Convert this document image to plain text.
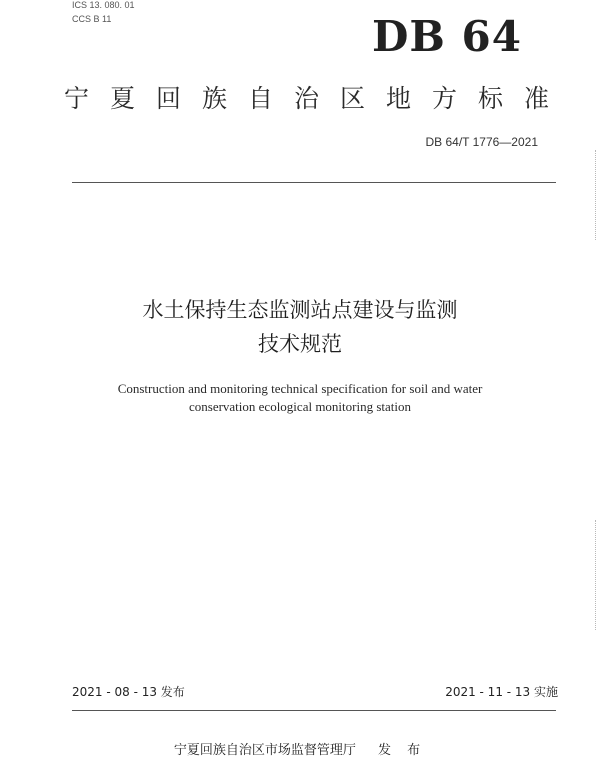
ICS 13. 080. 01
CCS B 11	DB 64
宁夏回族自治区地方标准
DB 64/T 1776—2021
水土保持生态监测站点建设与监测
技术规范
Construction and monitoring technical specification for soil and water
conservation ecological monitoring station
2021 - 08 - 13 发布	2021 - 11 - 13 实施
宁夏回族自治区市场监督管理厅 发 布
